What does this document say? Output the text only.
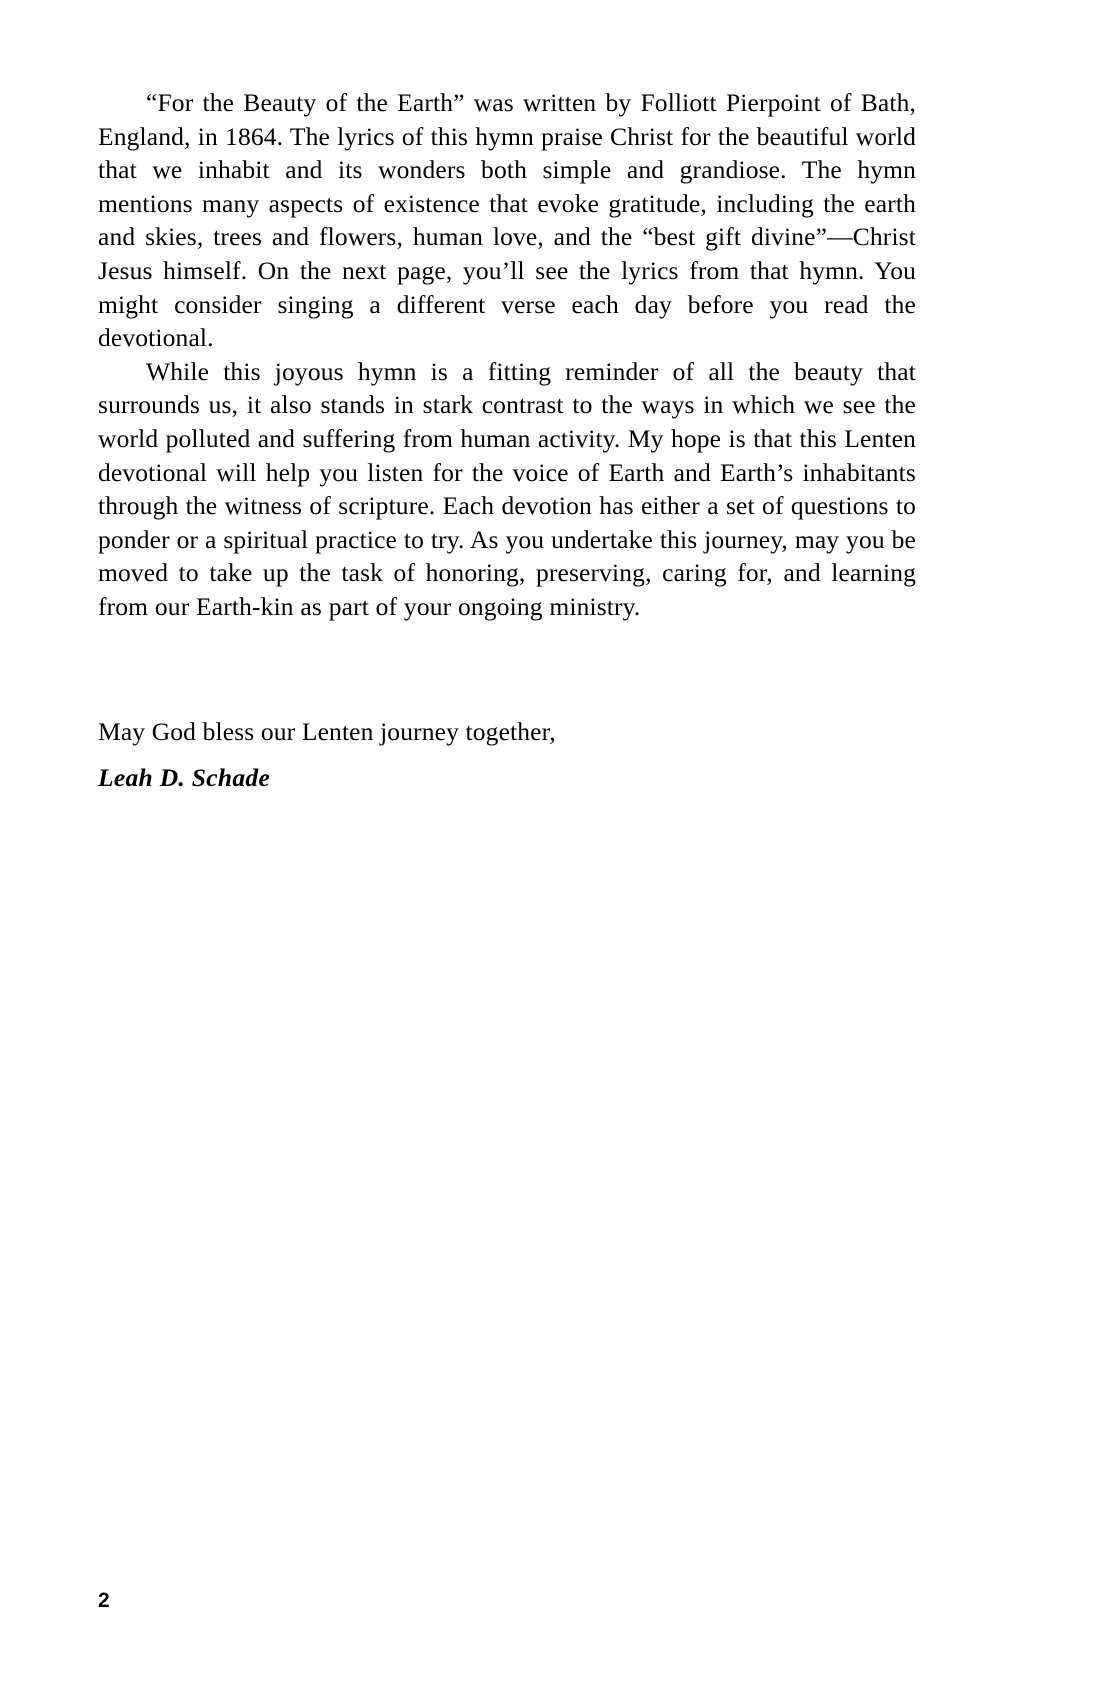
“For the Beauty of the Earth” was written by Folliott Pierpoint of Bath, England, in 1864. The lyrics of this hymn praise Christ for the beautiful world that we inhabit and its wonders both simple and grandiose. The hymn mentions many aspects of existence that evoke gratitude, including the earth and skies, trees and flowers, human love, and the “best gift divine”—Christ Jesus himself. On the next page, you’ll see the lyrics from that hymn. You might consider singing a different verse each day before you read the devotional.

While this joyous hymn is a fitting reminder of all the beauty that surrounds us, it also stands in stark contrast to the ways in which we see the world polluted and suffering from human activity. My hope is that this Lenten devotional will help you listen for the voice of Earth and Earth’s inhabitants through the witness of scripture. Each devotion has either a set of questions to ponder or a spiritual practice to try. As you undertake this journey, may you be moved to take up the task of honoring, preserving, caring for, and learning from our Earth-kin as part of your ongoing ministry.

May God bless our Lenten journey together,

Leah D. Schade

2
